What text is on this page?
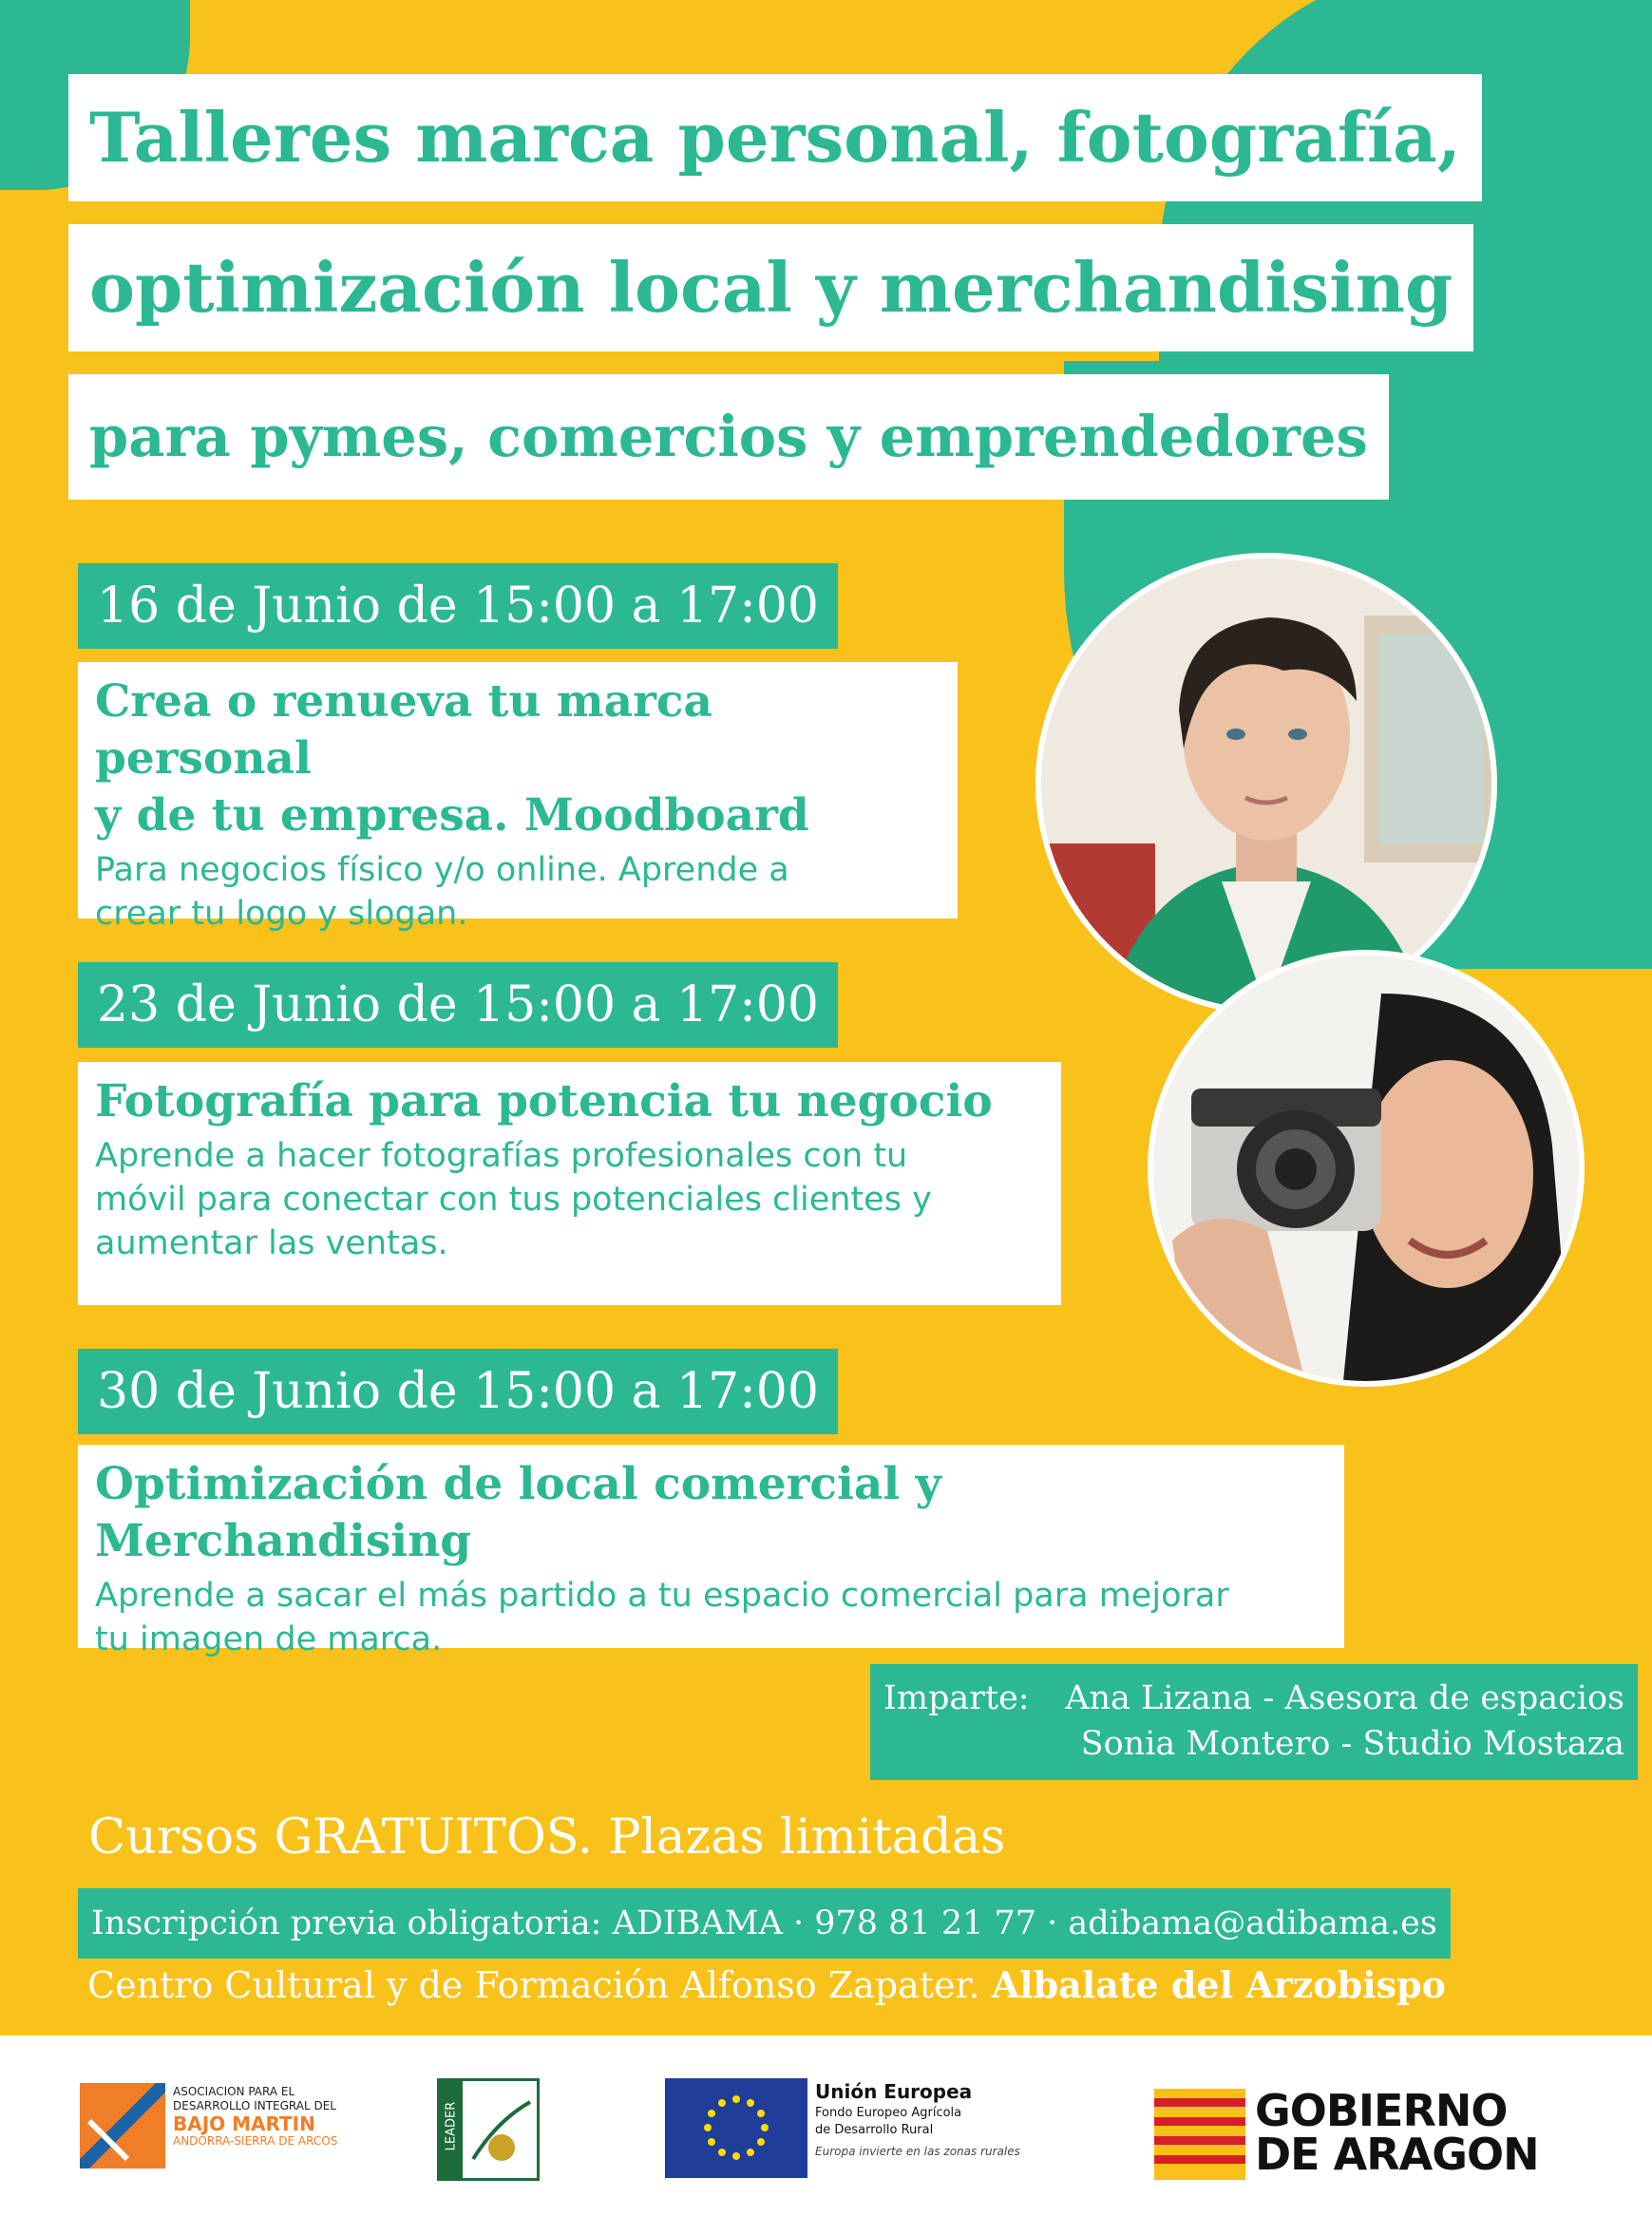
Talleres marca personal, fotografía,
optimización local y merchandising
para pymes, comercios y emprendedores
16 de Junio de 15:00 a 17:00
Crea o renueva tu marca personal
y de tu empresa. Moodboard

Para negocios físico y/o online. Aprende a
crear tu logo y slogan.

23 de Junio de 15:00 a 17:00
Fotografía para potencia tu negocio

Aprende a hacer fotografías profesionales con tu
móvil para conectar con tus potenciales clientes y
aumentar las ventas.

30 de Junio de 15:00 a 17:00
Optimización de local comercial y Merchandising

Aprende a sacar el más partido a tu espacio comercial para mejorar
tu imagen de marca.

Imparte: Ana Lizana - Asesora de espacios
Sonia Montero - Studio Mostaza
Cursos GRATUITOS. Plazas limitadas
Inscripción previa obligatoria: ADIBAMA · 978 81 21 77 · adibama@adibama.es
Centro Cultural y de Formación Alfonso Zapater. Albalate del Arzobispo
ASOCIACION PARA EL
DESARROLLO INTEGRAL DEL
BAJO MARTIN
ANDORRA-SIERRA DE ARCOS	LEADER
Unión Europea
Fondo Europeo Agrícola
de Desarrollo Rural
Europa invierte en las zonas rurales
GOBIERNO
DE ARAGON
